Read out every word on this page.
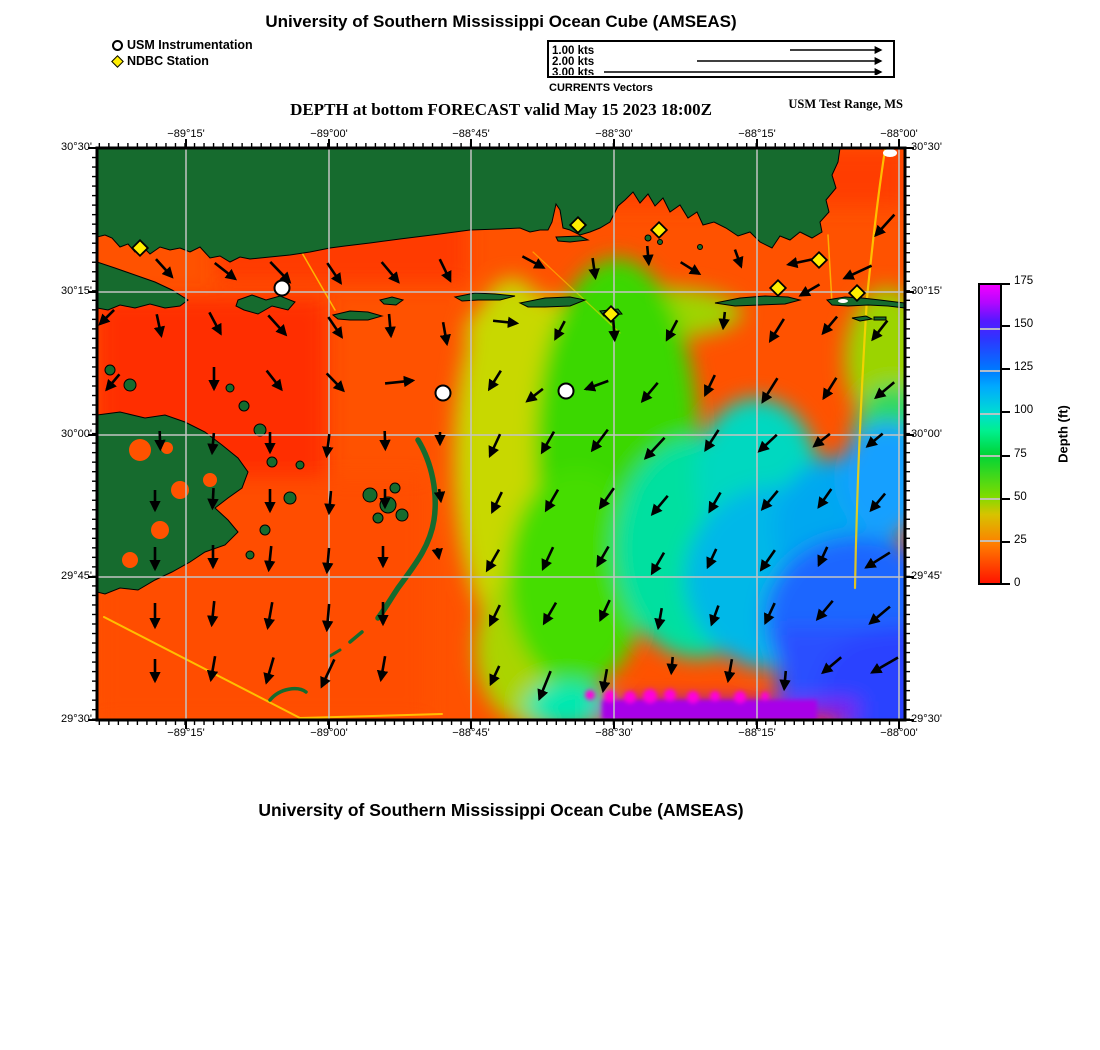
University of Southern Mississippi Ocean Cube (AMSEAS)
USM Instrumentation
NDBC Station
1.00 kts
2.00 kts
3.00 kts
CURRENTS Vectors
DEPTH at bottom FORECAST valid May 15 2023 18:00Z	USM Test Range, MS
−89°15'
−89°15'
−89°00'
−89°00'
−88°45'
−88°45'
−88°30'
−88°30'
−88°15'
−88°15'
−88°00'
−88°00'
30°30'	30°30'
30°15'	30°15'
30°00'	30°00'
29°45'	29°45'
29°30'	29°30'
175
150
125
100
75
50
25
0
Depth (ft)
University of Southern Mississippi Ocean Cube (AMSEAS)
